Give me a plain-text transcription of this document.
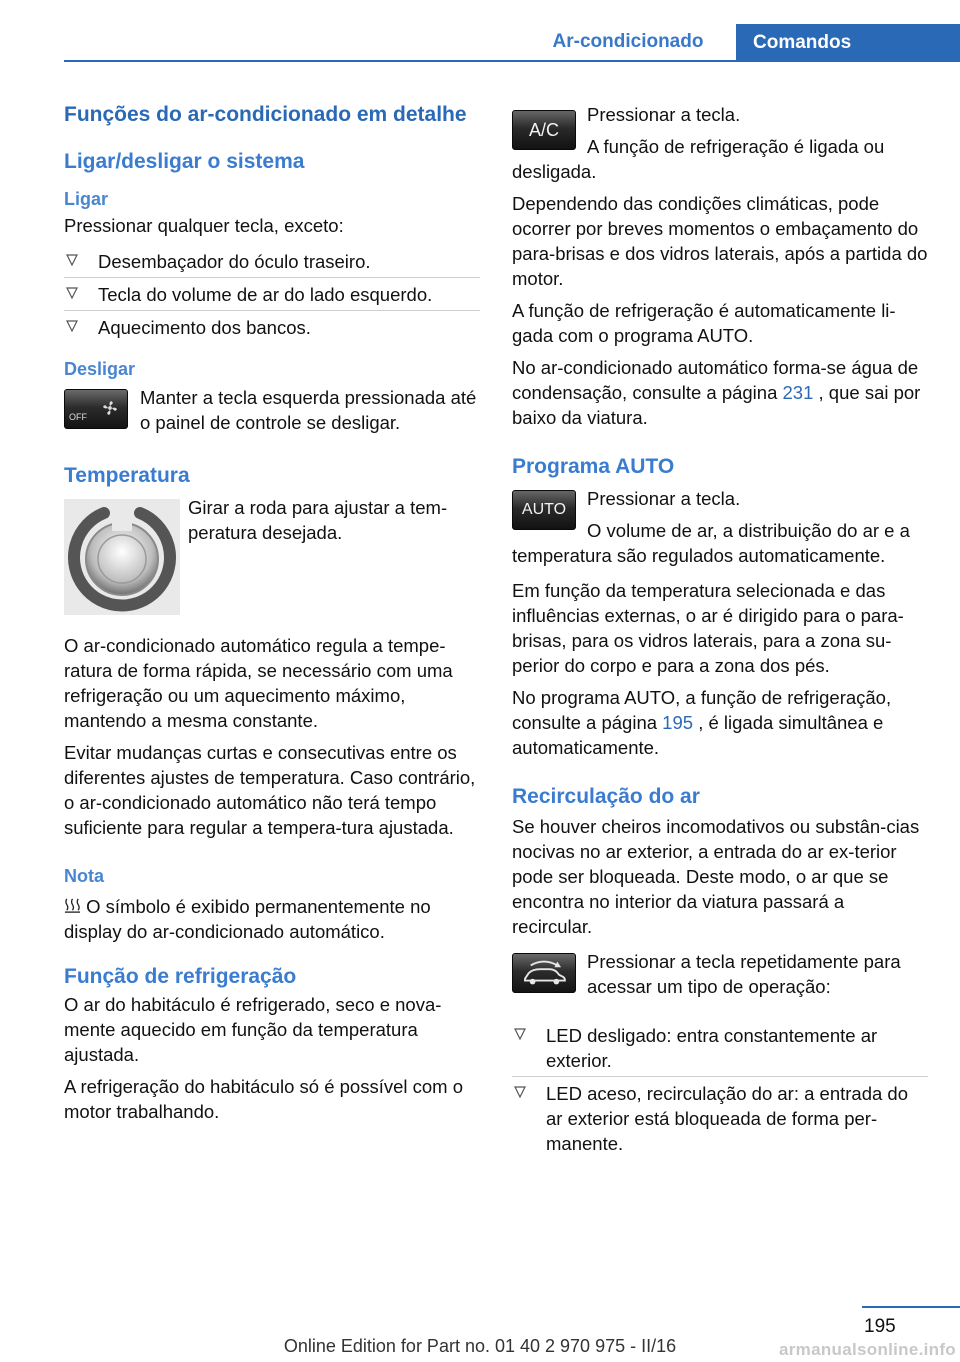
Ar-condicionado	Comandos
Funções do ar-condicionado em detalhe
Ligar/desligar o sistema
Ligar

Pressionar qualquer tecla, exceto:

Desembaçador do óculo traseiro.
Tecla do volume de ar do lado esquerdo.
Aquecimento dos bancos.
Desligar
OFF

Manter a tecla esquerda pressionada até o painel de controle se desligar.

Temperatura

Girar a roda para ajustar a tem-peratura desejada.

O ar-condicionado automático regula a tempe-ratura de forma rápida, se necessário com uma refrigeração ou um aquecimento máximo, mantendo a mesma constante.

Evitar mudanças curtas e consecutivas entre os diferentes ajustes de temperatura. Caso contrário, o ar-condicionado automático não terá tempo suficiente para regular a tempera-tura ajustada.

Nota

O símbolo é exibido permanentemente no display do ar-condicionado automático.

Função de refrigeração

O ar do habitáculo é refrigerado, seco e nova-mente aquecido em função da temperatura ajustada.

A refrigeração do habitáculo só é possível com o motor trabalhando.

A/C

Pressionar a tecla.

A função de refrigeração é ligada ou desligada.

Dependendo das condições climáticas, pode ocorrer por breves momentos o embaçamento do para-brisas e dos vidros laterais, após a partida do motor.

A função de refrigeração é automaticamente li-gada com o programa AUTO.

No ar-condicionado automático forma-se água de condensação, consulte a página 231 , que sai por baixo da viatura.

Programa AUTO
AUTO

Pressionar a tecla.

O volume de ar, a distribuição do ar e a temperatura são regulados automaticamente.

Em função da temperatura selecionada e das influências externas, o ar é dirigido para o para-brisas, para os vidros laterais, para a zona su-perior do corpo e para a zona dos pés.

No programa AUTO, a função de refrigeração, consulte a página 195 , é ligada simultânea e automaticamente.

Recirculação do ar

Se houver cheiros incomodativos ou substân-cias nocivas no ar exterior, a entrada do ar ex-terior pode ser bloqueada. Deste modo, o ar que se encontra no interior da viatura passará a recircular.

Pressionar a tecla repetidamente para acessar um tipo de operação:

LED desligado: entra constantemente ar exterior.
LED aceso, recirculação do ar: a entrada do ar exterior está bloqueada de forma per-manente.
195
Online Edition for Part no. 01 40 2 970 975 - II/16	armanualsonline.info
